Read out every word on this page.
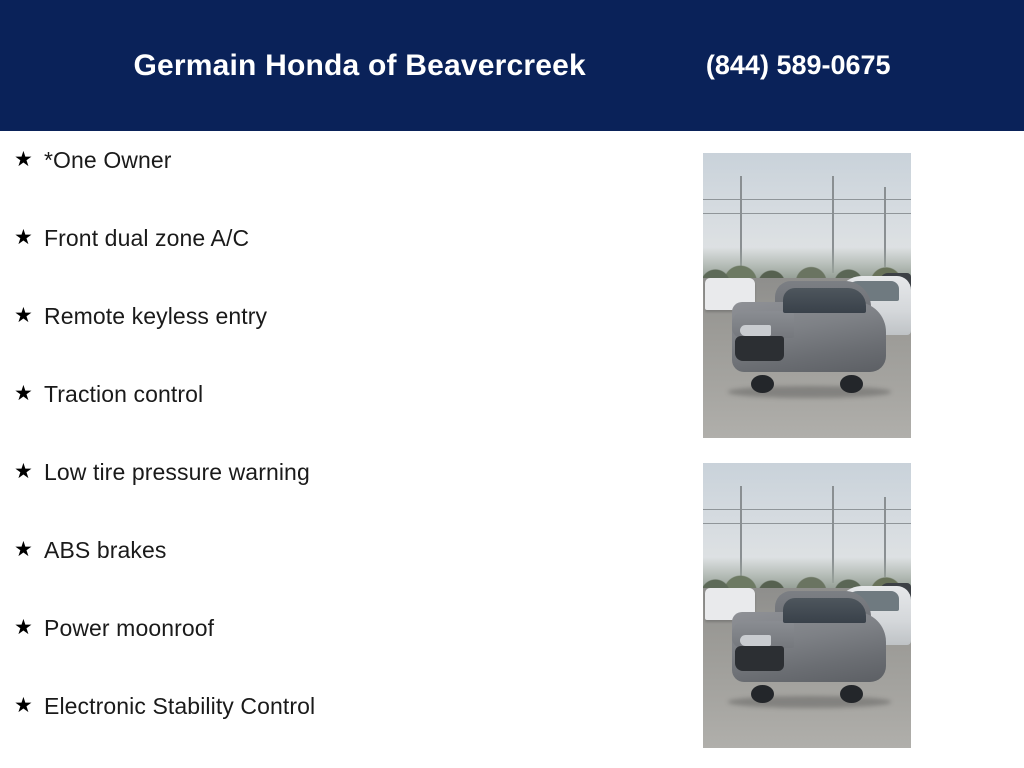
Germain Honda of Beavercreek	(844) 589-0675
★ *One Owner
★ Front dual zone A/C
★ Remote keyless entry
★ Traction control
★ Low tire pressure warning
★ ABS brakes
★ Power moonroof
★ Electronic Stability Control
